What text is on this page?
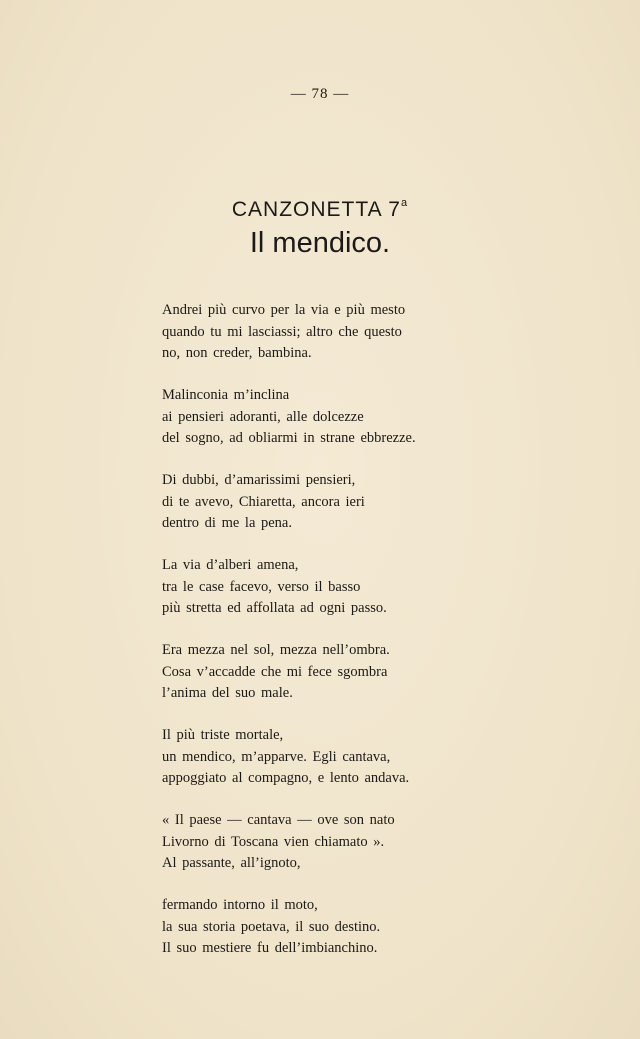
— 78 —
CANZONETTA 7$^a$
Il mendico.
Andrei più curvo per la via e più mesto
quando tu mi lasciassi; altro che questo
no, non creder, bambina.
Malinconia m’inclina
ai pensieri adoranti, alle dolcezze
del sogno, ad obliarmi in strane ebbrezze.
Di dubbi, d’amarissimi pensieri,
di te avevo, Chiaretta, ancora ieri
dentro di me la pena.
La via d’alberi amena,
tra le case facevo, verso il basso
più stretta ed affollata ad ogni passo.
Era mezza nel sol, mezza nell’ombra.
Cosa v’accadde che mi fece sgombra
l’anima del suo male.
Il più triste mortale,
un mendico, m’apparve. Egli cantava,
appoggiato al compagno, e lento andava.
« Il paese — cantava — ove son nato
Livorno di Toscana vien chiamato ».
Al passante, all’ignoto,
fermando intorno il moto,
la sua storia poetava, il suo destino.
Il suo mestiere fu dell’imbianchino.
